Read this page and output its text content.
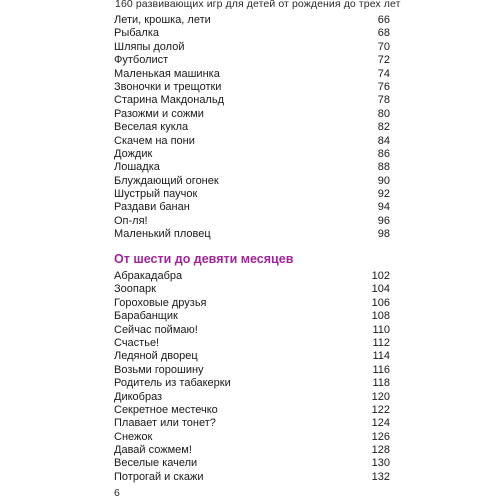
160 развивающих игр для детей от рождения до трех лет
Лети, крошка, лети	66
Рыбалка	68
Шляпы долой	70
Футболист	72
Маленькая машинка	74
Звоночки и трещотки	76
Старина Макдональд	78
Разожми и сожми	80
Веселая кукла	82
Скачем на пони	84
Дождик	86
Лошадка	88
Блуждающий огонек	90
Шустрый паучок	92
Раздави банан	94
Оп-ля!	96
Маленький пловец	98
От шести до девяти месяцев
Абракадабра	102
Зоопарк	104
Гороховые друзья	106
Барабанщик	108
Сейчас поймаю!	110
Счастье!	112
Ледяной дворец	114
Возьми горошину	116
Родитель из табакерки	118
Дикобраз	120
Секретное местечко	122
Плавает или тонет?	124
Снежок	126
Давай сожмем!	128
Веселые качели	130
Потрогай и скажи	132
6
